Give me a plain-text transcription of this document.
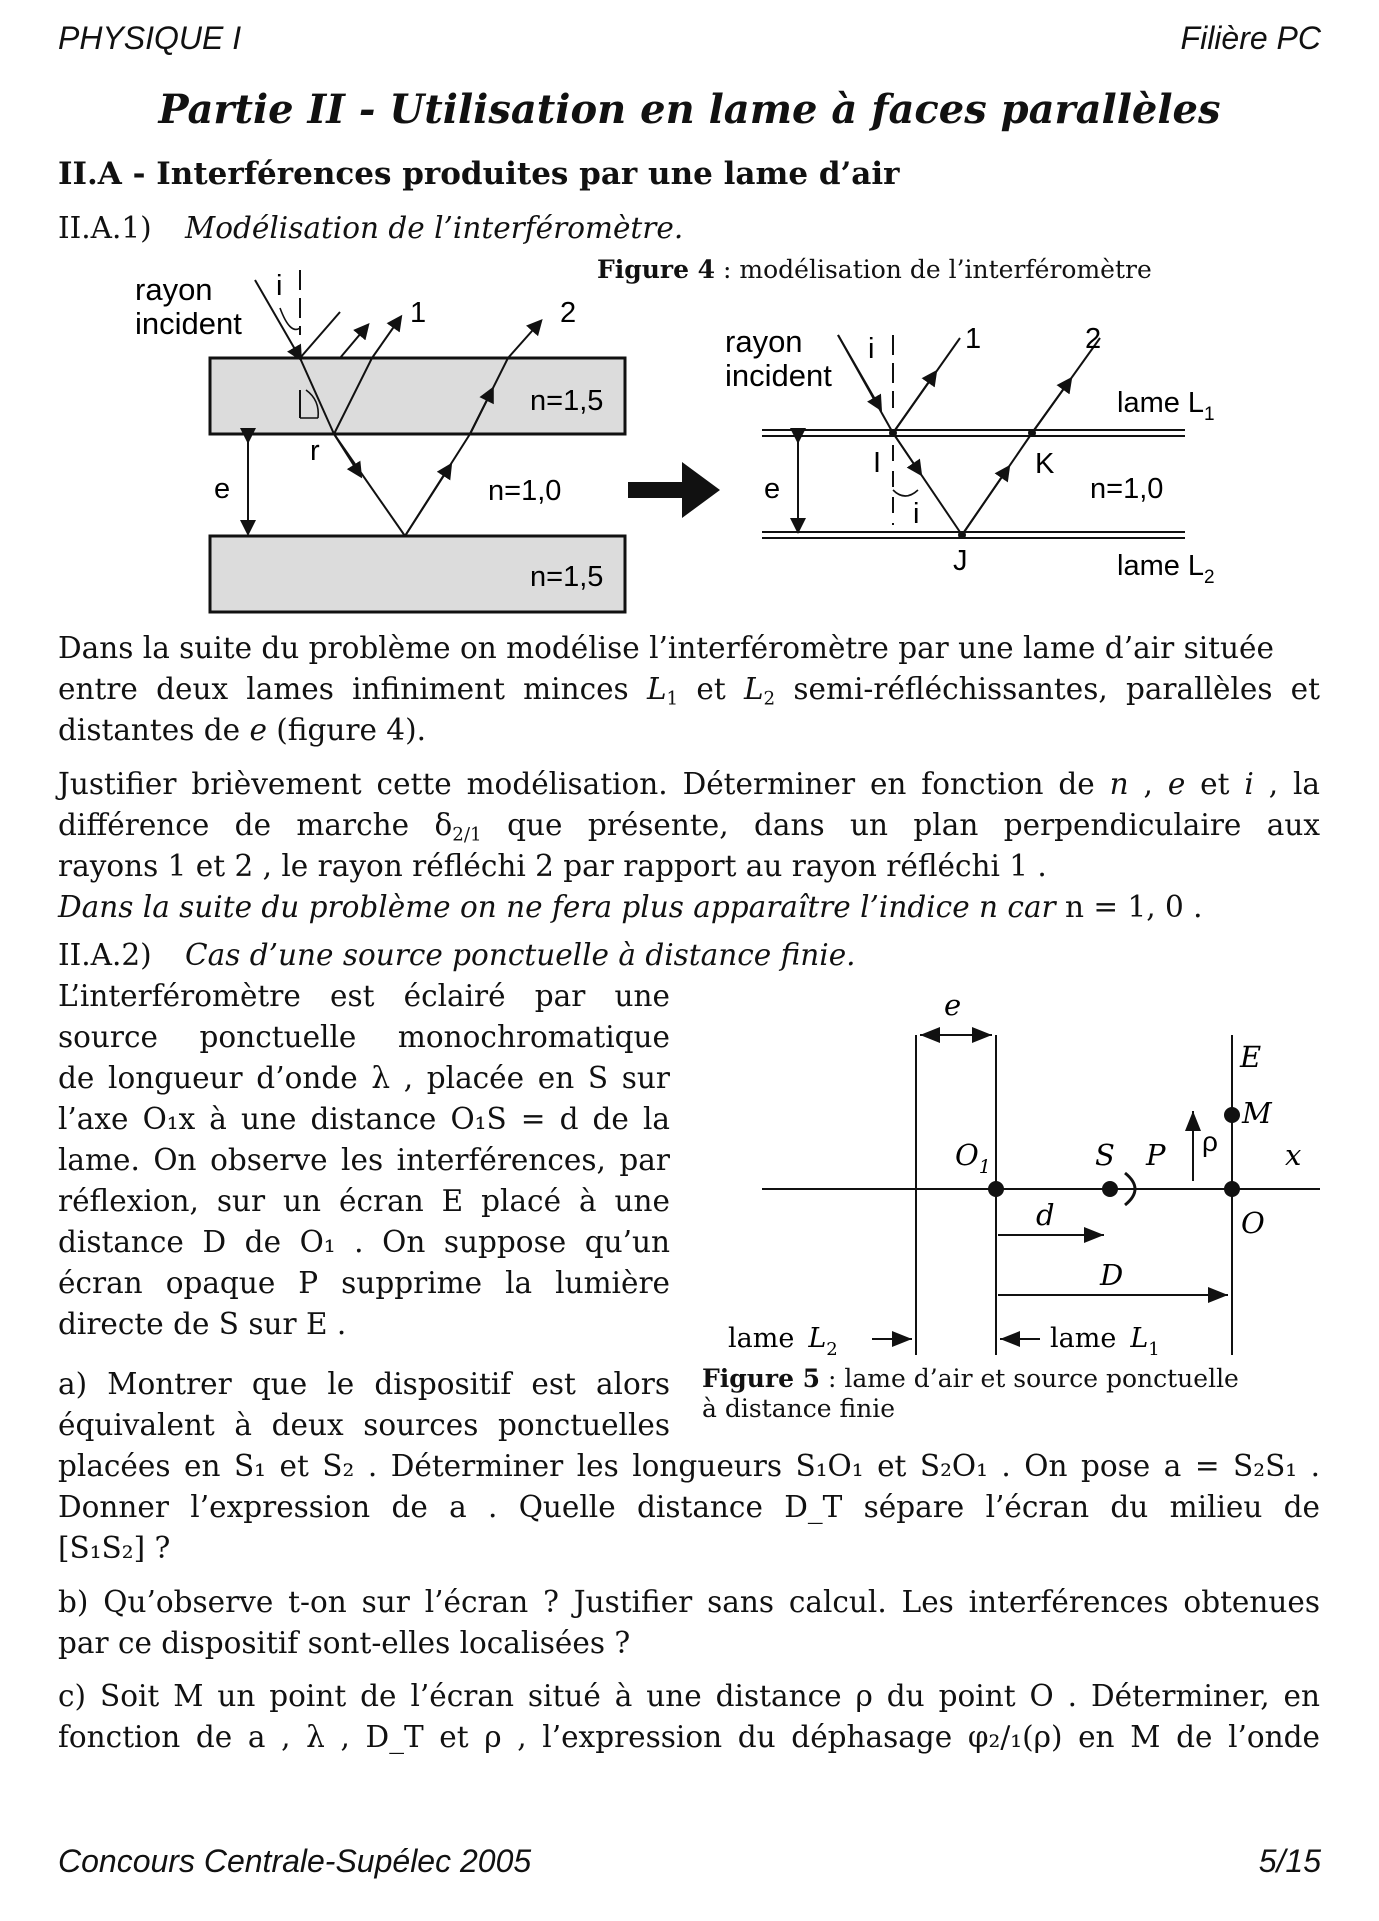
PHYSIQUE I	Filière PC
Partie II - Utilisation en lame à faces parallèles
II.A - Interférences produites par une lame d’air
II.A.1) Modélisation de l’interféromètre.
Figure 4 : modélisation de l’interféromètre
rayon
incident
i
n=1,5
n=1,5
n=1,0
1	2
r
e
rayon
incident
i	1	2
I
i
J
K
n=1,0
lame $L_1$
lame $L_2$
e
Dans la suite du problème on modélise l’interféromètre par une lame d’air située
entre deux lames infiniment minces $L_1$ et $L_2$ semi-réfléchissantes, parallèles et
distantes de e (figure 4).
Justifier brièvement cette modélisation. Déterminer en fonction de n , e et i , la
différence de marche $\delta_{2/1}$ que présente, dans un plan perpendiculaire aux
rayons 1 et 2 , le rayon réfléchi 2 par rapport au rayon réfléchi 1 .
Dans la suite du problème on ne fera plus apparaître l’indice n car n = 1, 0 .
II.A.2) Cas d’une source ponctuelle à distance finie.
L’interféromètre est éclairé par une
source ponctuelle monochromatique
de longueur d’onde λ , placée en S sur
l’axe O₁x à une distance O₁S = d de la
lame. On observe les interférences, par
réflexion, sur un écran E placé à une
distance D de O₁ . On suppose qu’un
écran opaque P supprime la lumière
directe de S sur E .
e
E
M
ρ x
$O_1$	S P
O
d
D
lame $L_2$	lame $L_1$
Figure 5 : lame d’air et source ponctuelle
à distance finie
a) Montrer que le dispositif est alors
équivalent à deux sources ponctuelles
placées en S₁ et S₂ . Déterminer les longueurs S₁O₁ et S₂O₁ . On pose a = S₂S₁ .
Donner l’expression de a . Quelle distance D_T sépare l’écran du milieu de
[S₁S₂] ?
b) Qu’observe t-on sur l’écran ? Justifier sans calcul. Les interférences obtenues
par ce dispositif sont-elles localisées ?
c) Soit M un point de l’écran situé à une distance ρ du point O . Déterminer, en
fonction de a , λ , D_T et ρ , l’expression du déphasage φ₂/₁(ρ) en M de l’onde
Concours Centrale-Supélec 2005	5/15
